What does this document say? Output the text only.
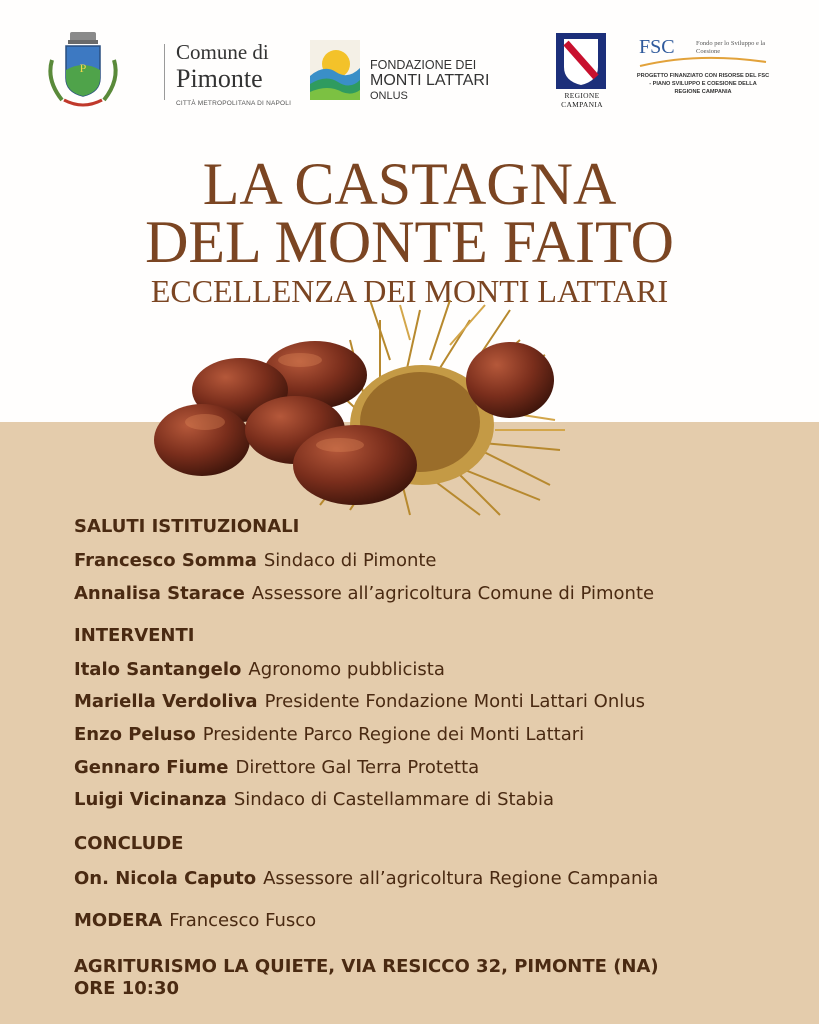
P
Comune di
Pimonte
CITTÀ METROPOLITANA DI NAPOLI
FONDAZIONE DEI
MONTI LATTARI
ONLUS	REGIONE CAMPANIA
FSC	Fondo per lo Sviluppo e la Coesione
PROGETTO FINANZIATO CON RISORSE DEL FSC - PIANO SVILUPPO E COESIONE DELLA REGIONE CAMPANIA
LA CASTAGNA
DEL MONTE FAITO
ECCELLENZA DEI MONTI LATTARI
SALUTI ISTITUZIONALI
Francesco Somma Sindaco di Pimonte
Annalisa Starace Assessore all’agricoltura Comune di Pimonte
INTERVENTI
Italo Santangelo Agronomo pubblicista
Mariella Verdoliva Presidente Fondazione Monti Lattari Onlus
Enzo Peluso Presidente Parco Regione dei Monti Lattari
Gennaro Fiume Direttore Gal Terra Protetta
Luigi Vicinanza Sindaco di Castellammare di Stabia
CONCLUDE
On. Nicola Caputo Assessore all’agricoltura Regione Campania
MODERA Francesco Fusco
AGRITURISMO LA QUIETE, VIA RESICCO 32, PIMONTE (NA)
ORE 10:30
